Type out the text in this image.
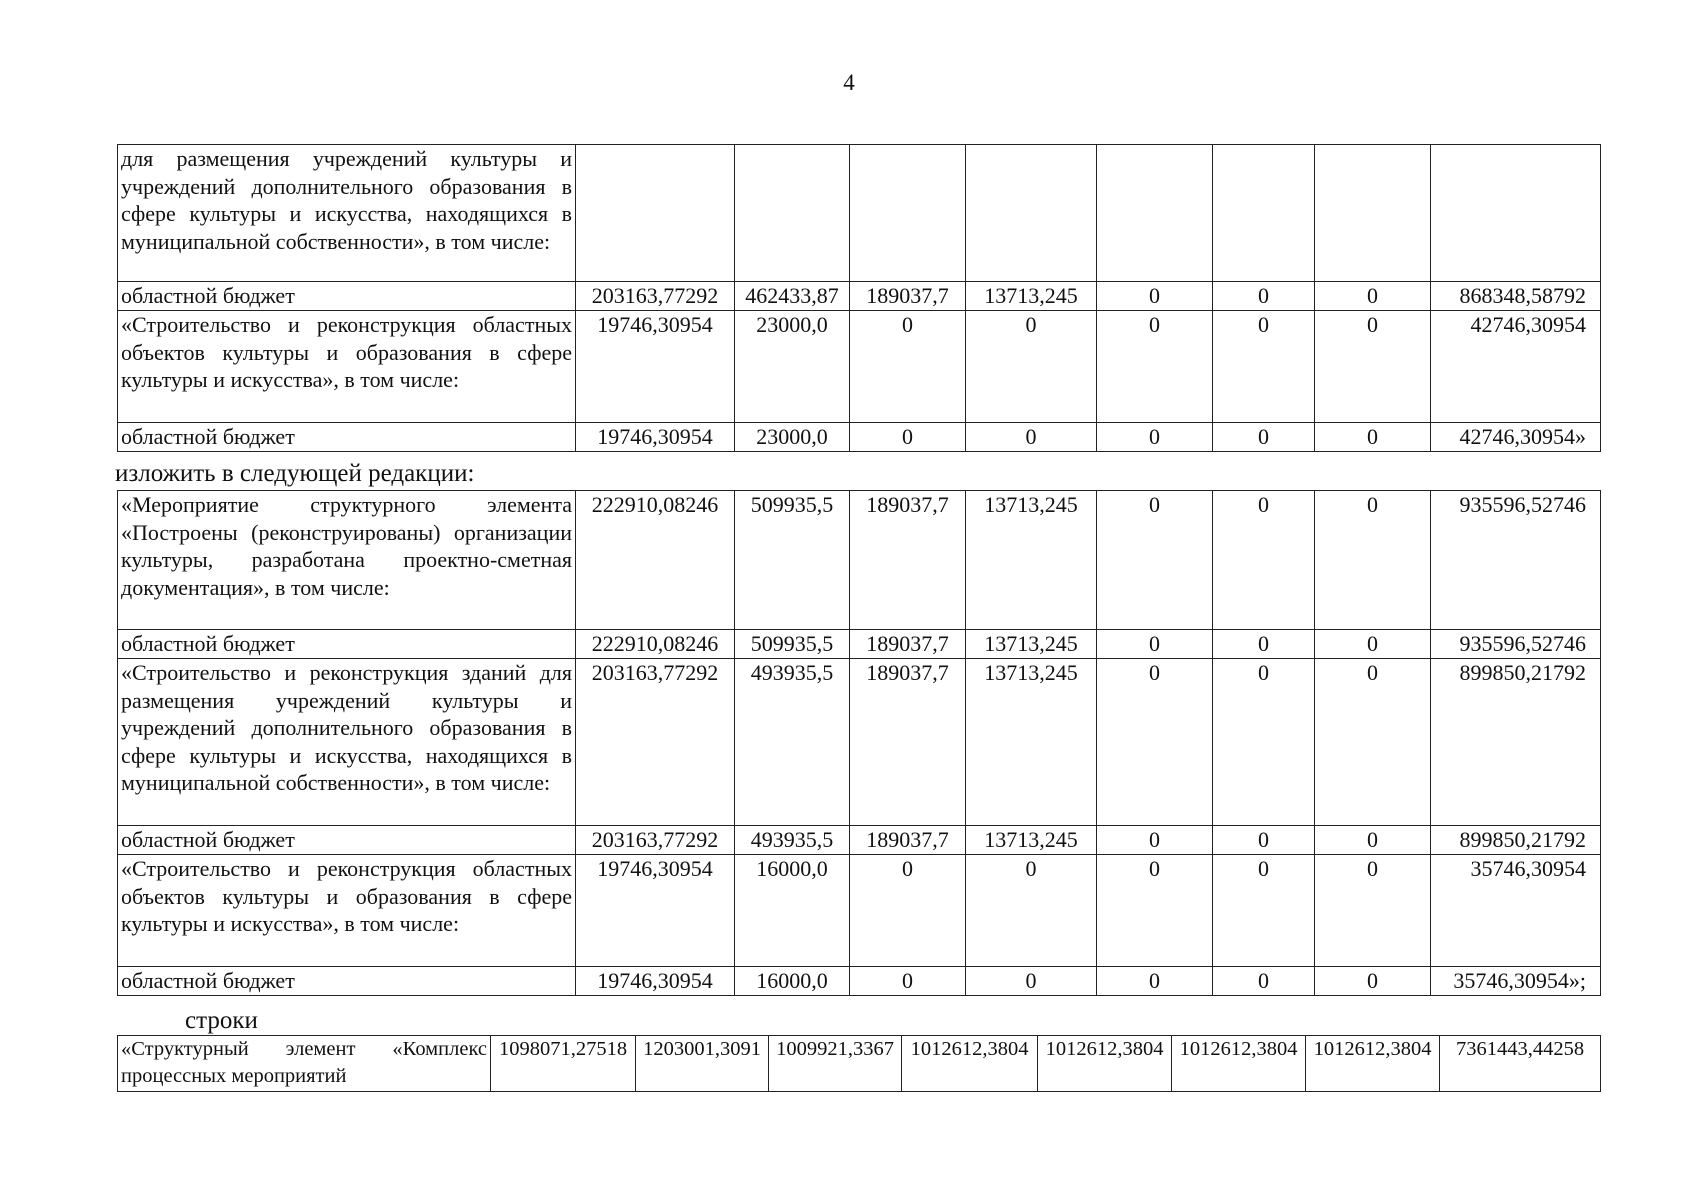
4
для размещения учреждений культуры и учреждений дополнительного образования в сфере культуры и искусства, находящихся в муниципальной собственности», в том числе:								
областной бюджет	203163,77292	462433,87	189037,7	13713,245	0	0	0	868348,58792
«Строительство и реконструкция областных объектов культуры и образования в сфере культуры и искусства», в том числе:	19746,30954	23000,0	0	0	0	0	0	42746,30954
областной бюджет	19746,30954	23000,0	0	0	0	0	0	42746,30954»
изложить в следующей редакции:
«Мероприятие структурного элемента «Построены (реконструированы) организации культуры, разработана проектно-сметная документация», в том числе:	222910,08246	509935,5	189037,7	13713,245	0	0	0	935596,52746
областной бюджет	222910,08246	509935,5	189037,7	13713,245	0	0	0	935596,52746
«Строительство и реконструкция зданий для размещения учреждений культуры и учреждений дополнительного образования в сфере культуры и искусства, находящихся в муниципальной собственности», в том числе:	203163,77292	493935,5	189037,7	13713,245	0	0	0	899850,21792
областной бюджет	203163,77292	493935,5	189037,7	13713,245	0	0	0	899850,21792
«Строительство и реконструкция областных объектов культуры и образования в сфере культуры и искусства», в том числе:	19746,30954	16000,0	0	0	0	0	0	35746,30954
областной бюджет	19746,30954	16000,0	0	0	0	0	0	35746,30954»;
строки
«Структурный элемент «Комплекс процессных мероприятий	1098071,27518	1203001,3091	1009921,3367	1012612,3804	1012612,3804	1012612,3804	1012612,3804	7361443,44258
